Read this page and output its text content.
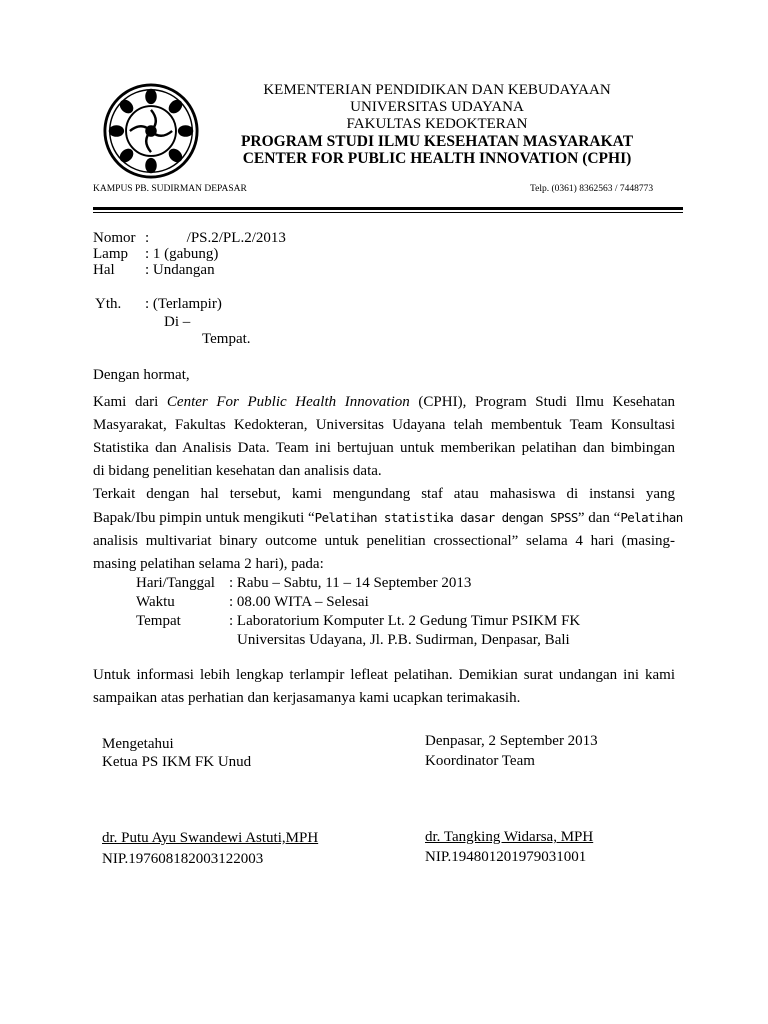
KEMENTERIAN PENDIDIKAN DAN KEBUDAYAAN
UNIVERSITAS UDAYANA
FAKULTAS KEDOKTERAN
PROGRAM STUDI ILMU KESEHATAN MASYARAKAT
CENTER FOR PUBLIC HEALTH INNOVATION (CPHI)
KAMPUS PB. SUDIRMAN DEPASAR	Telp. (0361) 8362563 / 7448773
Nomor :          /PS.2/PL.2/2013
Lamp : 1 (gabung)
Hal : Undangan
Yth. : (Terlampir)
Di –
Tempat.
Dengan hormat,
Kami dari Center For Public Health Innovation (CPHI), Program Studi Ilmu Kesehatan
Masyarakat, Fakultas Kedokteran, Universitas Udayana telah membentuk Team Konsultasi
Statistika dan Analisis Data. Team ini bertujuan untuk memberikan pelatihan dan bimbingan
di bidang penelitian kesehatan dan analisis data.
Terkait dengan hal tersebut, kami mengundang staf atau mahasiswa di instansi yang
Bapak/Ibu pimpin untuk mengikuti “Pelatihan statistika dasar dengan SPSS” dan “Pelatihan
analisis multivariat binary outcome untuk penelitian crossectional” selama 4 hari (masing-
masing pelatihan selama 2 hari), pada:
Hari/Tanggal : Rabu – Sabtu, 11 – 14 September 2013
Waktu	: 08.00 WITA – Selesai
Tempat	: Laboratorium Komputer Lt. 2 Gedung Timur PSIKM FK
Universitas Udayana, Jl. P.B. Sudirman, Denpasar, Bali
Untuk informasi lebih lengkap terlampir lefleat pelatihan. Demikian surat undangan ini kami
sampaikan atas perhatian dan kerjasamanya kami ucapkan terimakasih.
Mengetahui
Ketua PS IKM FK Unud
Denpasar, 2 September 2013
Koordinator Team
dr. Putu Ayu Swandewi Astuti,MPH
NIP.197608182003122003
dr. Tangking Widarsa, MPH
NIP.194801201979031001
